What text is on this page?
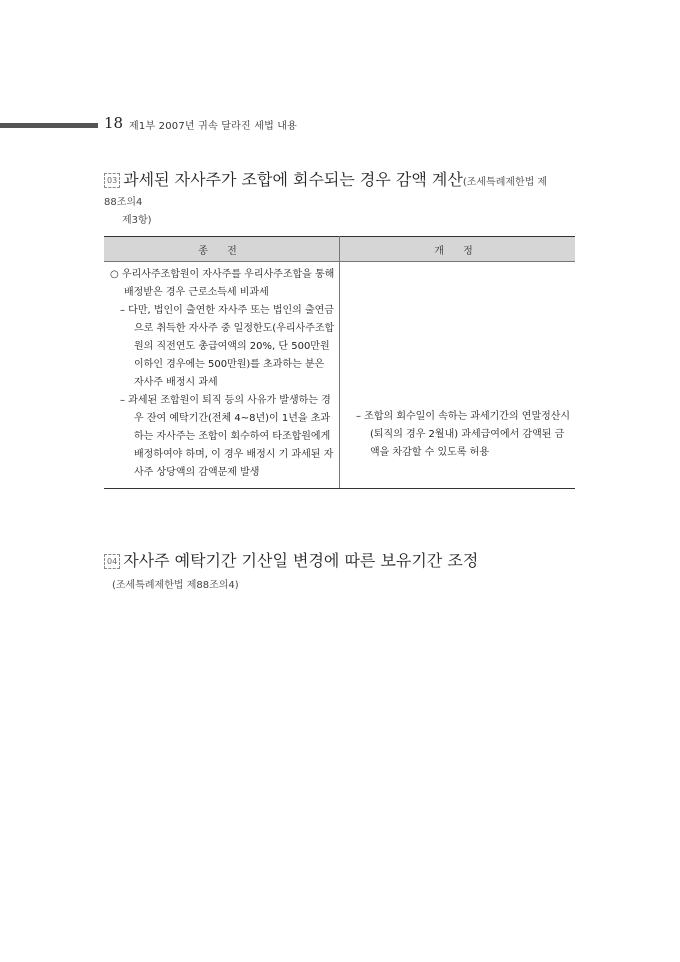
18 제1부 2007년 귀속 달라진 세법 내용
03 과세된 자사주가 조합에 회수되는 경우 감액 계산(조세특례제한법 제
88조의4
제3항)
종 전	개 정

○ 우리사주조합원이 자사주를 우리사주조합을 통해 배정받은 경우 근로소득세 비과세

– 다만, 법인이 출연한 자사주 또는 법인의 출연금으로 취득한 자사주 중 일정한도(우리사주조합원의 직전연도 총급여액의 20%, 단 500만원 이하인 경우에는 500만원)를 초과하는 분은 자사주 배정시 과세

– 과세된 조합원이 퇴직 등의 사유가 발생하는 경우 잔여 예탁기간(전체 4~8년)이 1년을 초과하는 자사주는 조합이 회수하여 타조합원에게 배정하여야 하며, 이 경우 배정시 기 과세된 자사주 상당액의 감액문제 발생	– 조합의 회수일이 속하는 과세기간의 연말정산시(퇴직의 경우 2월내) 과세급여에서 감액된 금액을 차감할 수 있도록 허용

04 자사주 예탁기간 기산일 변경에 따른 보유기간 조정
(조세특례제한법 제88조의4)
